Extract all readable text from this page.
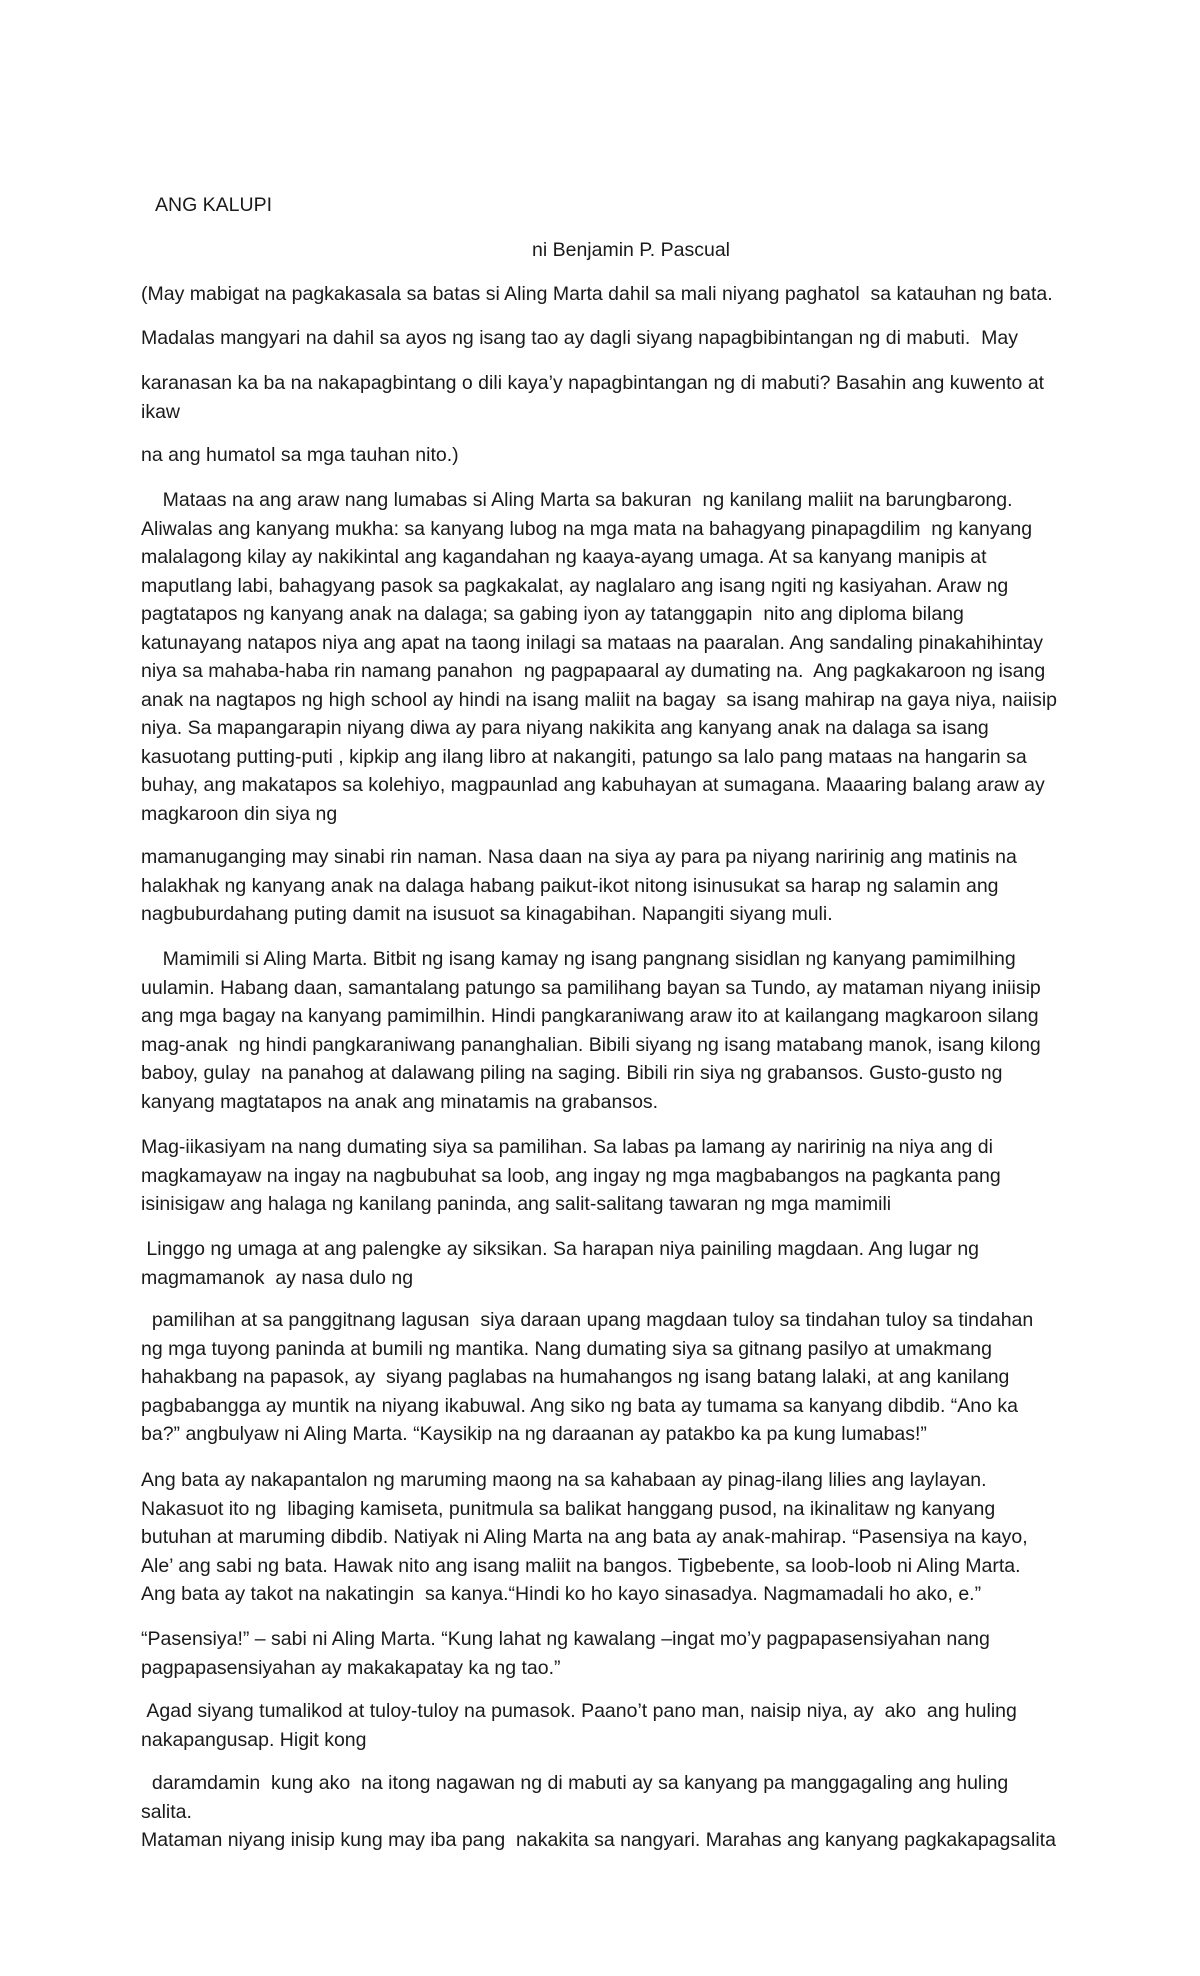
ANG KALUPI

ni Benjamin P. Pascual

(May mabigat na pagkakasala sa batas si Aling Marta dahil sa mali niyang paghatol  sa katauhan ng bata.

Madalas mangyari na dahil sa ayos ng isang tao ay dagli siyang napagbibintangan ng di mabuti.  May

karanasan ka ba na nakapagbintang o dili kaya’y napagbintangan ng di mabuti? Basahin ang kuwento at
ikaw

na ang humatol sa mga tauhan nito.)

Mataas na ang araw nang lumabas si Aling Marta sa bakuran  ng kanilang maliit na barungbarong.
Aliwalas ang kanyang mukha: sa kanyang lubog na mga mata na bahagyang pinapagdilim  ng kanyang
malalagong kilay ay nakikintal ang kagandahan ng kaaya-ayang umaga. At sa kanyang manipis at
maputlang labi, bahagyang pasok sa pagkakalat, ay naglalaro ang isang ngiti ng kasiyahan. Araw ng
pagtatapos ng kanyang anak na dalaga; sa gabing iyon ay tatanggapin  nito ang diploma bilang
katunayang natapos niya ang apat na taong inilagi sa mataas na paaralan. Ang sandaling pinakahihintay
niya sa mahaba-haba rin namang panahon  ng pagpapaaral ay dumating na.  Ang pagkakaroon ng isang
anak na nagtapos ng high school ay hindi na isang maliit na bagay  sa isang mahirap na gaya niya, naiisip
niya. Sa mapangarapin niyang diwa ay para niyang nakikita ang kanyang anak na dalaga sa isang
kasuotang putting-puti , kipkip ang ilang libro at nakangiti, patungo sa lalo pang mataas na hangarin sa
buhay, ang makatapos sa kolehiyo, magpaunlad ang kabuhayan at sumagana. Maaaring balang araw ay
magkaroon din siya ng

mamanuganging may sinabi rin naman. Nasa daan na siya ay para pa niyang naririnig ang matinis na
halakhak ng kanyang anak na dalaga habang paikut-ikot nitong isinusukat sa harap ng salamin ang
nagbuburdahang puting damit na isusuot sa kinagabihan. Napangiti siyang muli.

Mamimili si Aling Marta. Bitbit ng isang kamay ng isang pangnang sisidlan ng kanyang pamimilhing
uulamin. Habang daan, samantalang patungo sa pamilihang bayan sa Tundo, ay mataman niyang iniisip
ang mga bagay na kanyang pamimilhin. Hindi pangkaraniwang araw ito at kailangang magkaroon silang
mag-anak  ng hindi pangkaraniwang pananghalian. Bibili siyang ng isang matabang manok, isang kilong
baboy, gulay  na panahog at dalawang piling na saging. Bibili rin siya ng grabansos. Gusto-gusto ng
kanyang magtatapos na anak ang minatamis na grabansos.

Mag-iikasiyam na nang dumating siya sa pamilihan. Sa labas pa lamang ay naririnig na niya ang di
magkamayaw na ingay na nagbubuhat sa loob, ang ingay ng mga magbabangos na pagkanta pang
isinisigaw ang halaga ng kanilang paninda, ang salit-salitang tawaran ng mga mamimili

Linggo ng umaga at ang palengke ay siksikan. Sa harapan niya painiling magdaan. Ang lugar ng
magmamanok  ay nasa dulo ng

pamilihan at sa panggitnang lagusan  siya daraan upang magdaan tuloy sa tindahan tuloy sa tindahan
ng mga tuyong paninda at bumili ng mantika. Nang dumating siya sa gitnang pasilyo at umakmang
hahakbang na papasok, ay  siyang paglabas na humahangos ng isang batang lalaki, at ang kanilang
pagbabangga ay muntik na niyang ikabuwal. Ang siko ng bata ay tumama sa kanyang dibdib. “Ano ka
ba?” angbulyaw ni Aling Marta. “Kaysikip na ng daraanan ay patakbo ka pa kung lumabas!”

Ang bata ay nakapantalon ng maruming maong na sa kahabaan ay pinag-ilang lilies ang laylayan.
Nakasuot ito ng  libaging kamiseta, punitmula sa balikat hanggang pusod, na ikinalitaw ng kanyang
butuhan at maruming dibdib. Natiyak ni Aling Marta na ang bata ay anak-mahirap. “Pasensiya na kayo,
Ale’ ang sabi ng bata. Hawak nito ang isang maliit na bangos. Tigbebente, sa loob-loob ni Aling Marta.
Ang bata ay takot na nakatingin  sa kanya.“Hindi ko ho kayo sinasadya. Nagmamadali ho ako, e.”

“Pasensiya!” – sabi ni Aling Marta. “Kung lahat ng kawalang –ingat mo’y pagpapasensiyahan nang
pagpapasensiyahan ay makakapatay ka ng tao.”

Agad siyang tumalikod at tuloy-tuloy na pumasok. Paano’t pano man, naisip niya, ay  ako  ang huling
nakapangusap. Higit kong

daramdamin  kung ako  na itong nagawan ng di mabuti ay sa kanyang pa manggagaling ang huling salita.
Mataman niyang inisip kung may iba pang  nakakita sa nangyari. Marahas ang kanyang pagkakapagsalita
